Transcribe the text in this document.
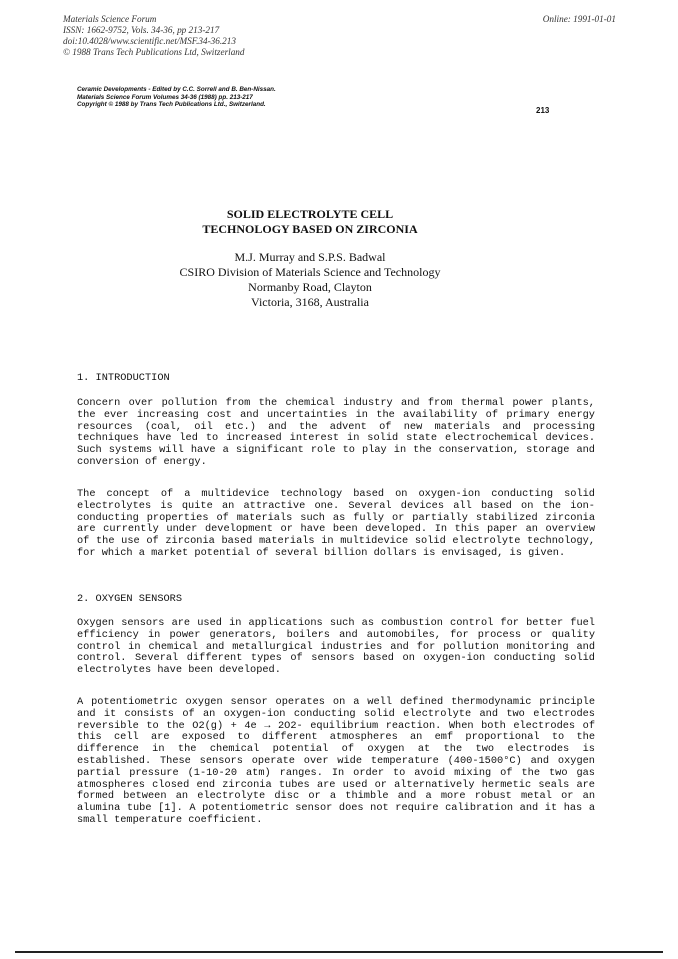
Materials Science Forum
ISSN: 1662-9752, Vols. 34-36, pp 213-217
doi:10.4028/www.scientific.net/MSF.34-36.213
© 1988 Trans Tech Publications Ltd, Switzerland
Online: 1991-01-01
Ceramic Developments - Edited by C.C. Sorrell and B. Ben-Nissan.
Materials Science Forum Volumes 34-36 (1988) pp. 213-217
Copyright © 1988 by Trans Tech Publications Ltd., Switzerland.
213
SOLID ELECTROLYTE CELL
TECHNOLOGY BASED ON ZIRCONIA
M.J. Murray and S.P.S. Badwal
CSIRO Division of Materials Science and Technology
Normanby Road, Clayton
Victoria, 3168, Australia
1. INTRODUCTION
Concern over pollution from the chemical industry and from thermal power plants, the ever increasing cost and uncertainties in the availability of primary energy resources (coal, oil etc.) and the advent of new materials and processing techniques have led to increased interest in solid state electrochemical devices. Such systems will have a significant role to play in the conservation, storage and conversion of energy.
The concept of a multidevice technology based on oxygen-ion conducting solid electrolytes is quite an attractive one. Several devices all based on the ion-conducting properties of materials such as fully or partially stabilized zirconia are currently under development or have been developed. In this paper an overview of the use of zirconia based materials in multidevice solid electrolyte technology, for which a market potential of several billion dollars is envisaged, is given.
2. OXYGEN SENSORS
Oxygen sensors are used in applications such as combustion control for better fuel efficiency in power generators, boilers and automobiles, for process or quality control in chemical and metallurgical industries and for pollution monitoring and control. Several different types of sensors based on oxygen-ion conducting solid electrolytes have been developed.
A potentiometric oxygen sensor operates on a well defined thermodynamic principle and it consists of an oxygen-ion conducting solid electrolyte and two electrodes reversible to the O2(g) + 4e → 2O2- equilibrium reaction. When both electrodes of this cell are exposed to different atmospheres an emf proportional to the difference in the chemical potential of oxygen at the two electrodes is established. These sensors operate over wide temperature (400-1500°C) and oxygen partial pressure (1-10-20 atm) ranges. In order to avoid mixing of the two gas atmospheres closed end zirconia tubes are used or alternatively hermetic seals are formed between an electrolyte disc or a thimble and a more robust metal or an alumina tube [1]. A potentiometric sensor does not require calibration and it has a small temperature coefficient.
